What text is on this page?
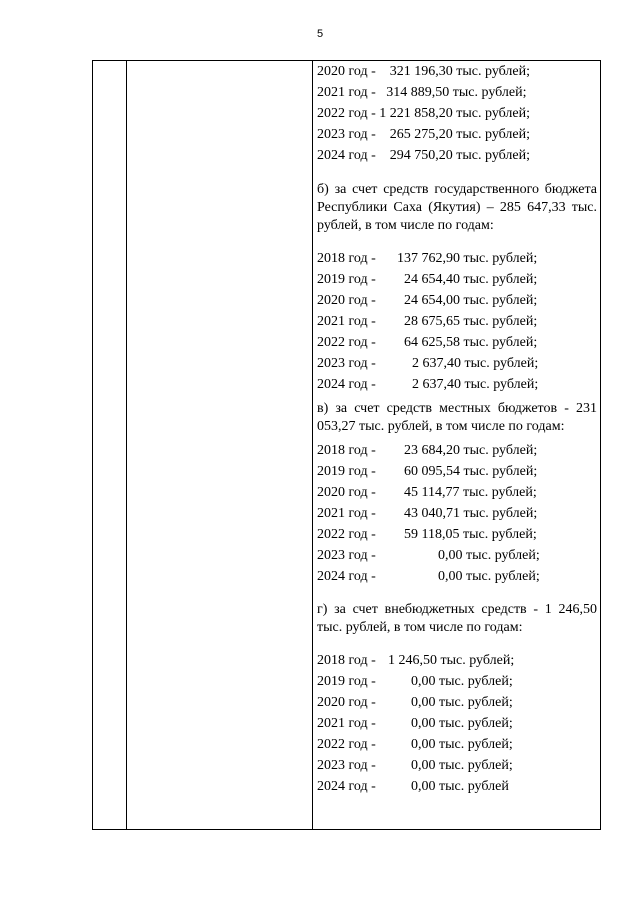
5
2020 год -    321 196,30 тыс. рублей;
2021 год -   314 889,50 тыс. рублей;
2022 год - 1 221 858,20 тыс. рублей;
2023 год -    265 275,20 тыс. рублей;
2024 год -    294 750,20 тыс. рублей;
б) за счет средств государственного бюджета Республики Саха (Якутия) – 285 647,33 тыс. рублей, в том числе по годам:
2018 год - 137 762,90 тыс. рублей;
2019 год - 24 654,40 тыс. рублей;
2020 год - 24 654,00 тыс. рублей;
2021 год - 28 675,65 тыс. рублей;
2022 год - 64 625,58 тыс. рублей;
2023 год -	2 637,40 тыс. рублей;
2024 год -	2 637,40 тыс. рублей;
в) за счет средств местных бюджетов - 231 053,27 тыс. рублей, в том числе по годам:
2018 год - 23 684,20 тыс. рублей;
2019 год - 60 095,54 тыс. рублей;
2020 год - 45 114,77 тыс. рублей;
2021 год - 43 040,71 тыс. рублей;
2022 год - 59 118,05 тыс. рублей;
2023 год -	0,00 тыс. рублей;
2024 год -	0,00 тыс. рублей;
г) за счет внебюджетных средств - 1 246,50 тыс. рублей, в том числе по годам:
2018 год - 1 246,50 тыс. рублей;
2019 год -	0,00 тыс. рублей;
2020 год -	0,00 тыс. рублей;
2021 год -	0,00 тыс. рублей;
2022 год -	0,00 тыс. рублей;
2023 год -	0,00 тыс. рублей;
2024 год -	0,00 тыс. рублей
